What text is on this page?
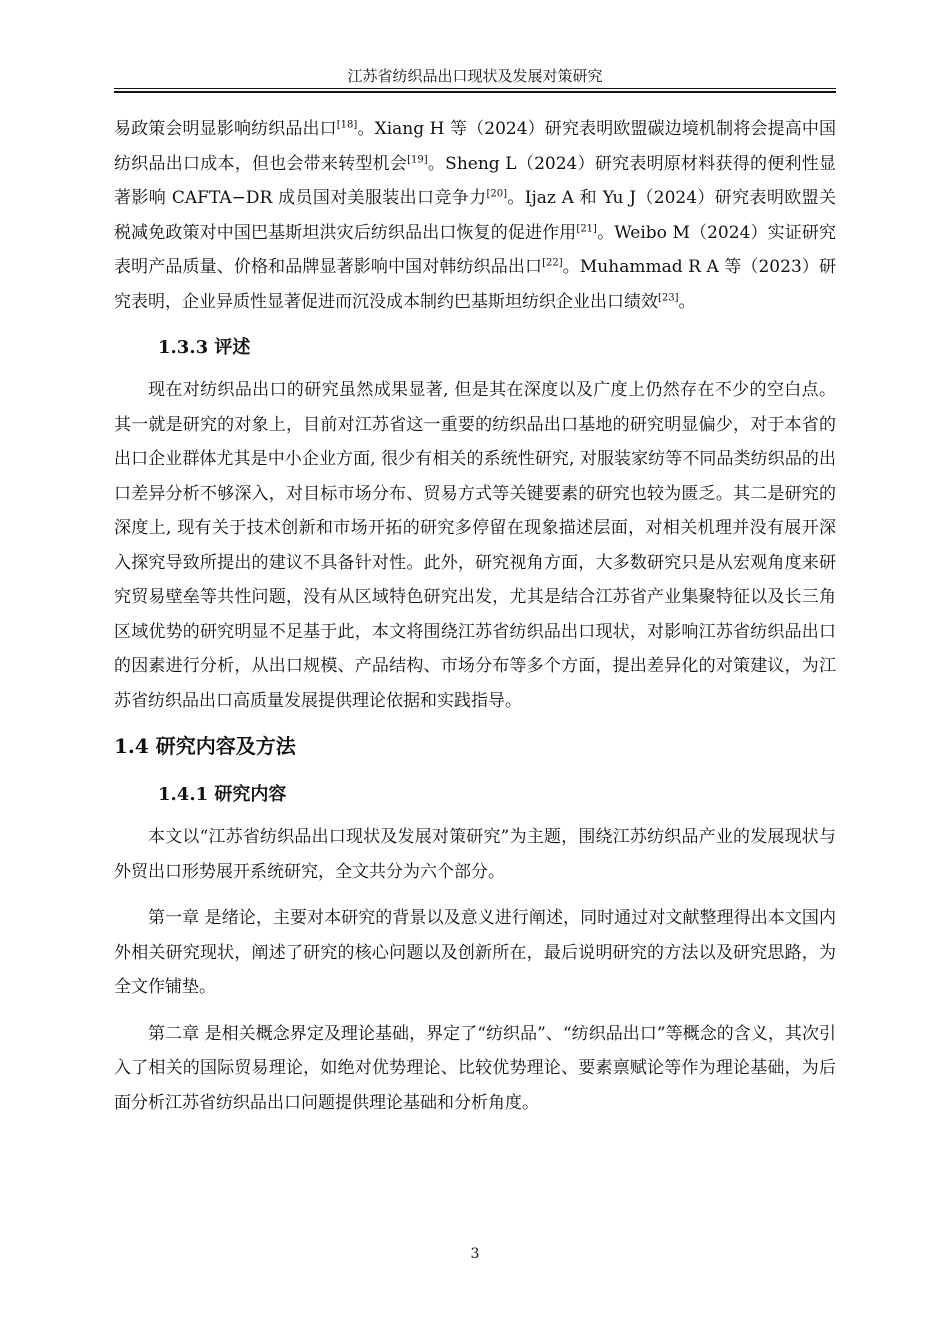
江苏省纺织品出口现状及发展对策研究

易政策会明显影响纺织品出口[18]。Xiang H 等（2024）研究表明欧盟碳边境机制将会提高中国纺织品出口成本，但也会带来转型机会[19]。Sheng L（2024）研究表明原材料获得的便利性显著影响 CAFTA−DR 成员国对美服装出口竞争力[20]。Ijaz A 和 Yu J（2024）研究表明欧盟关税减免政策对中国巴基斯坦洪灾后纺织品出口恢复的促进作用[21]。Weibo M（2024）实证研究表明产品质量、价格和品牌显著影响中国对韩纺织品出口[22]。Muhammad R A 等（2023）研究表明，企业异质性显著促进而沉没成本制约巴基斯坦纺织企业出口绩效[23]。

1.3.3 评述

现在对纺织品出口的研究虽然成果显著, 但是其在深度以及广度上仍然存在不少的空白点。其一就是研究的对象上，目前对江苏省这一重要的纺织品出口基地的研究明显偏少，对于本省的出口企业群体尤其是中小企业方面, 很少有相关的系统性研究, 对服装家纺等不同品类纺织品的出口差异分析不够深入，对目标市场分布、贸易方式等关键要素的研究也较为匮乏。其二是研究的深度上, 现有关于技术创新和市场开拓的研究多停留在现象描述层面，对相关机理并没有展开深入探究导致所提出的建议不具备针对性。此外，研究视角方面，大多数研究只是从宏观角度来研究贸易壁垒等共性问题，没有从区域特色研究出发，尤其是结合江苏省产业集聚特征以及长三角区域优势的研究明显不足基于此，本文将围绕江苏省纺织品出口现状，对影响江苏省纺织品出口的因素进行分析，从出口规模、产品结构、市场分布等多个方面，提出差异化的对策建议，为江苏省纺织品出口高质量发展提供理论依据和实践指导。

1.4 研究内容及方法
1.4.1 研究内容

本文以“江苏省纺织品出口现状及发展对策研究”为主题，围绕江苏纺织品产业的发展现状与外贸出口形势展开系统研究，全文共分为六个部分。

第一章 是绪论，主要对本研究的背景以及意义进行阐述，同时通过对文献整理得出本文国内外相关研究现状，阐述了研究的核心问题以及创新所在，最后说明研究的方法以及研究思路，为全文作铺垫。

第二章 是相关概念界定及理论基础，界定了“纺织品”、“纺织品出口”等概念的含义，其次引入了相关的国际贸易理论，如绝对优势理论、比较优势理论、要素禀赋论等作为理论基础，为后面分析江苏省纺织品出口问题提供理论基础和分析角度。

3
